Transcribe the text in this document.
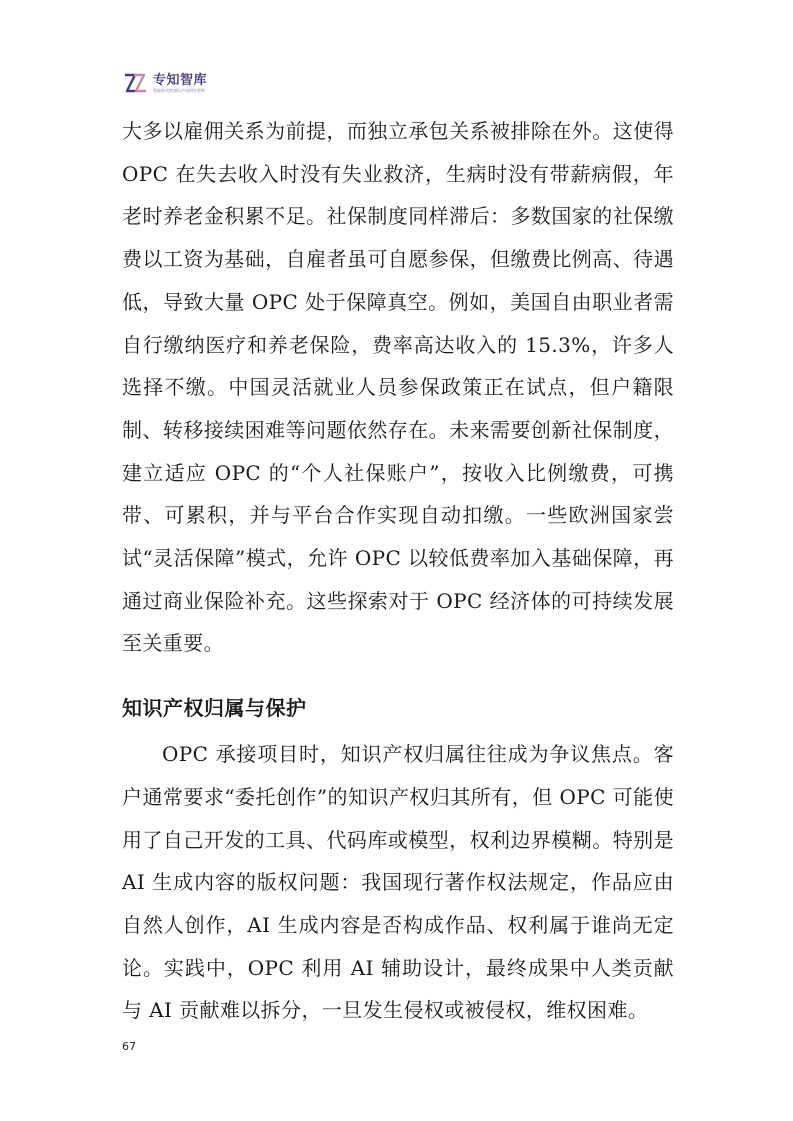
专知智库
智能时代的知识产权研究智库

大多以雇佣关系为前提，而独立承包关系被排除在外。这使得 OPC 在失去收入时没有失业救济，生病时没有带薪病假，年老时养老金积累不足。社保制度同样滞后：多数国家的社保缴费以工资为基础，自雇者虽可自愿参保，但缴费比例高、待遇低，导致大量 OPC 处于保障真空。例如，美国自由职业者需自行缴纳医疗和养老保险，费率高达收入的 15.3%，许多人选择不缴。中国灵活就业人员参保政策正在试点，但户籍限制、转移接续困难等问题依然存在。未来需要创新社保制度，建立适应 OPC 的“个人社保账户”，按收入比例缴费，可携带、可累积，并与平台合作实现自动扣缴。一些欧洲国家尝试“灵活保障”模式，允许 OPC 以较低费率加入基础保障，再通过商业保险补充。这些探索对于 OPC 经济体的可持续发展至关重要。

知识产权归属与保护

OPC 承接项目时，知识产权归属往往成为争议焦点。客户通常要求“委托创作”的知识产权归其所有，但 OPC 可能使用了自己开发的工具、代码库或模型，权利边界模糊。特别是 AI 生成内容的版权问题：我国现行著作权法规定，作品应由自然人创作，AI 生成内容是否构成作品、权利属于谁尚无定论。实践中，OPC 利用 AI 辅助设计，最终成果中人类贡献与 AI 贡献难以拆分，一旦发生侵权或被侵权，维权困难。

67
